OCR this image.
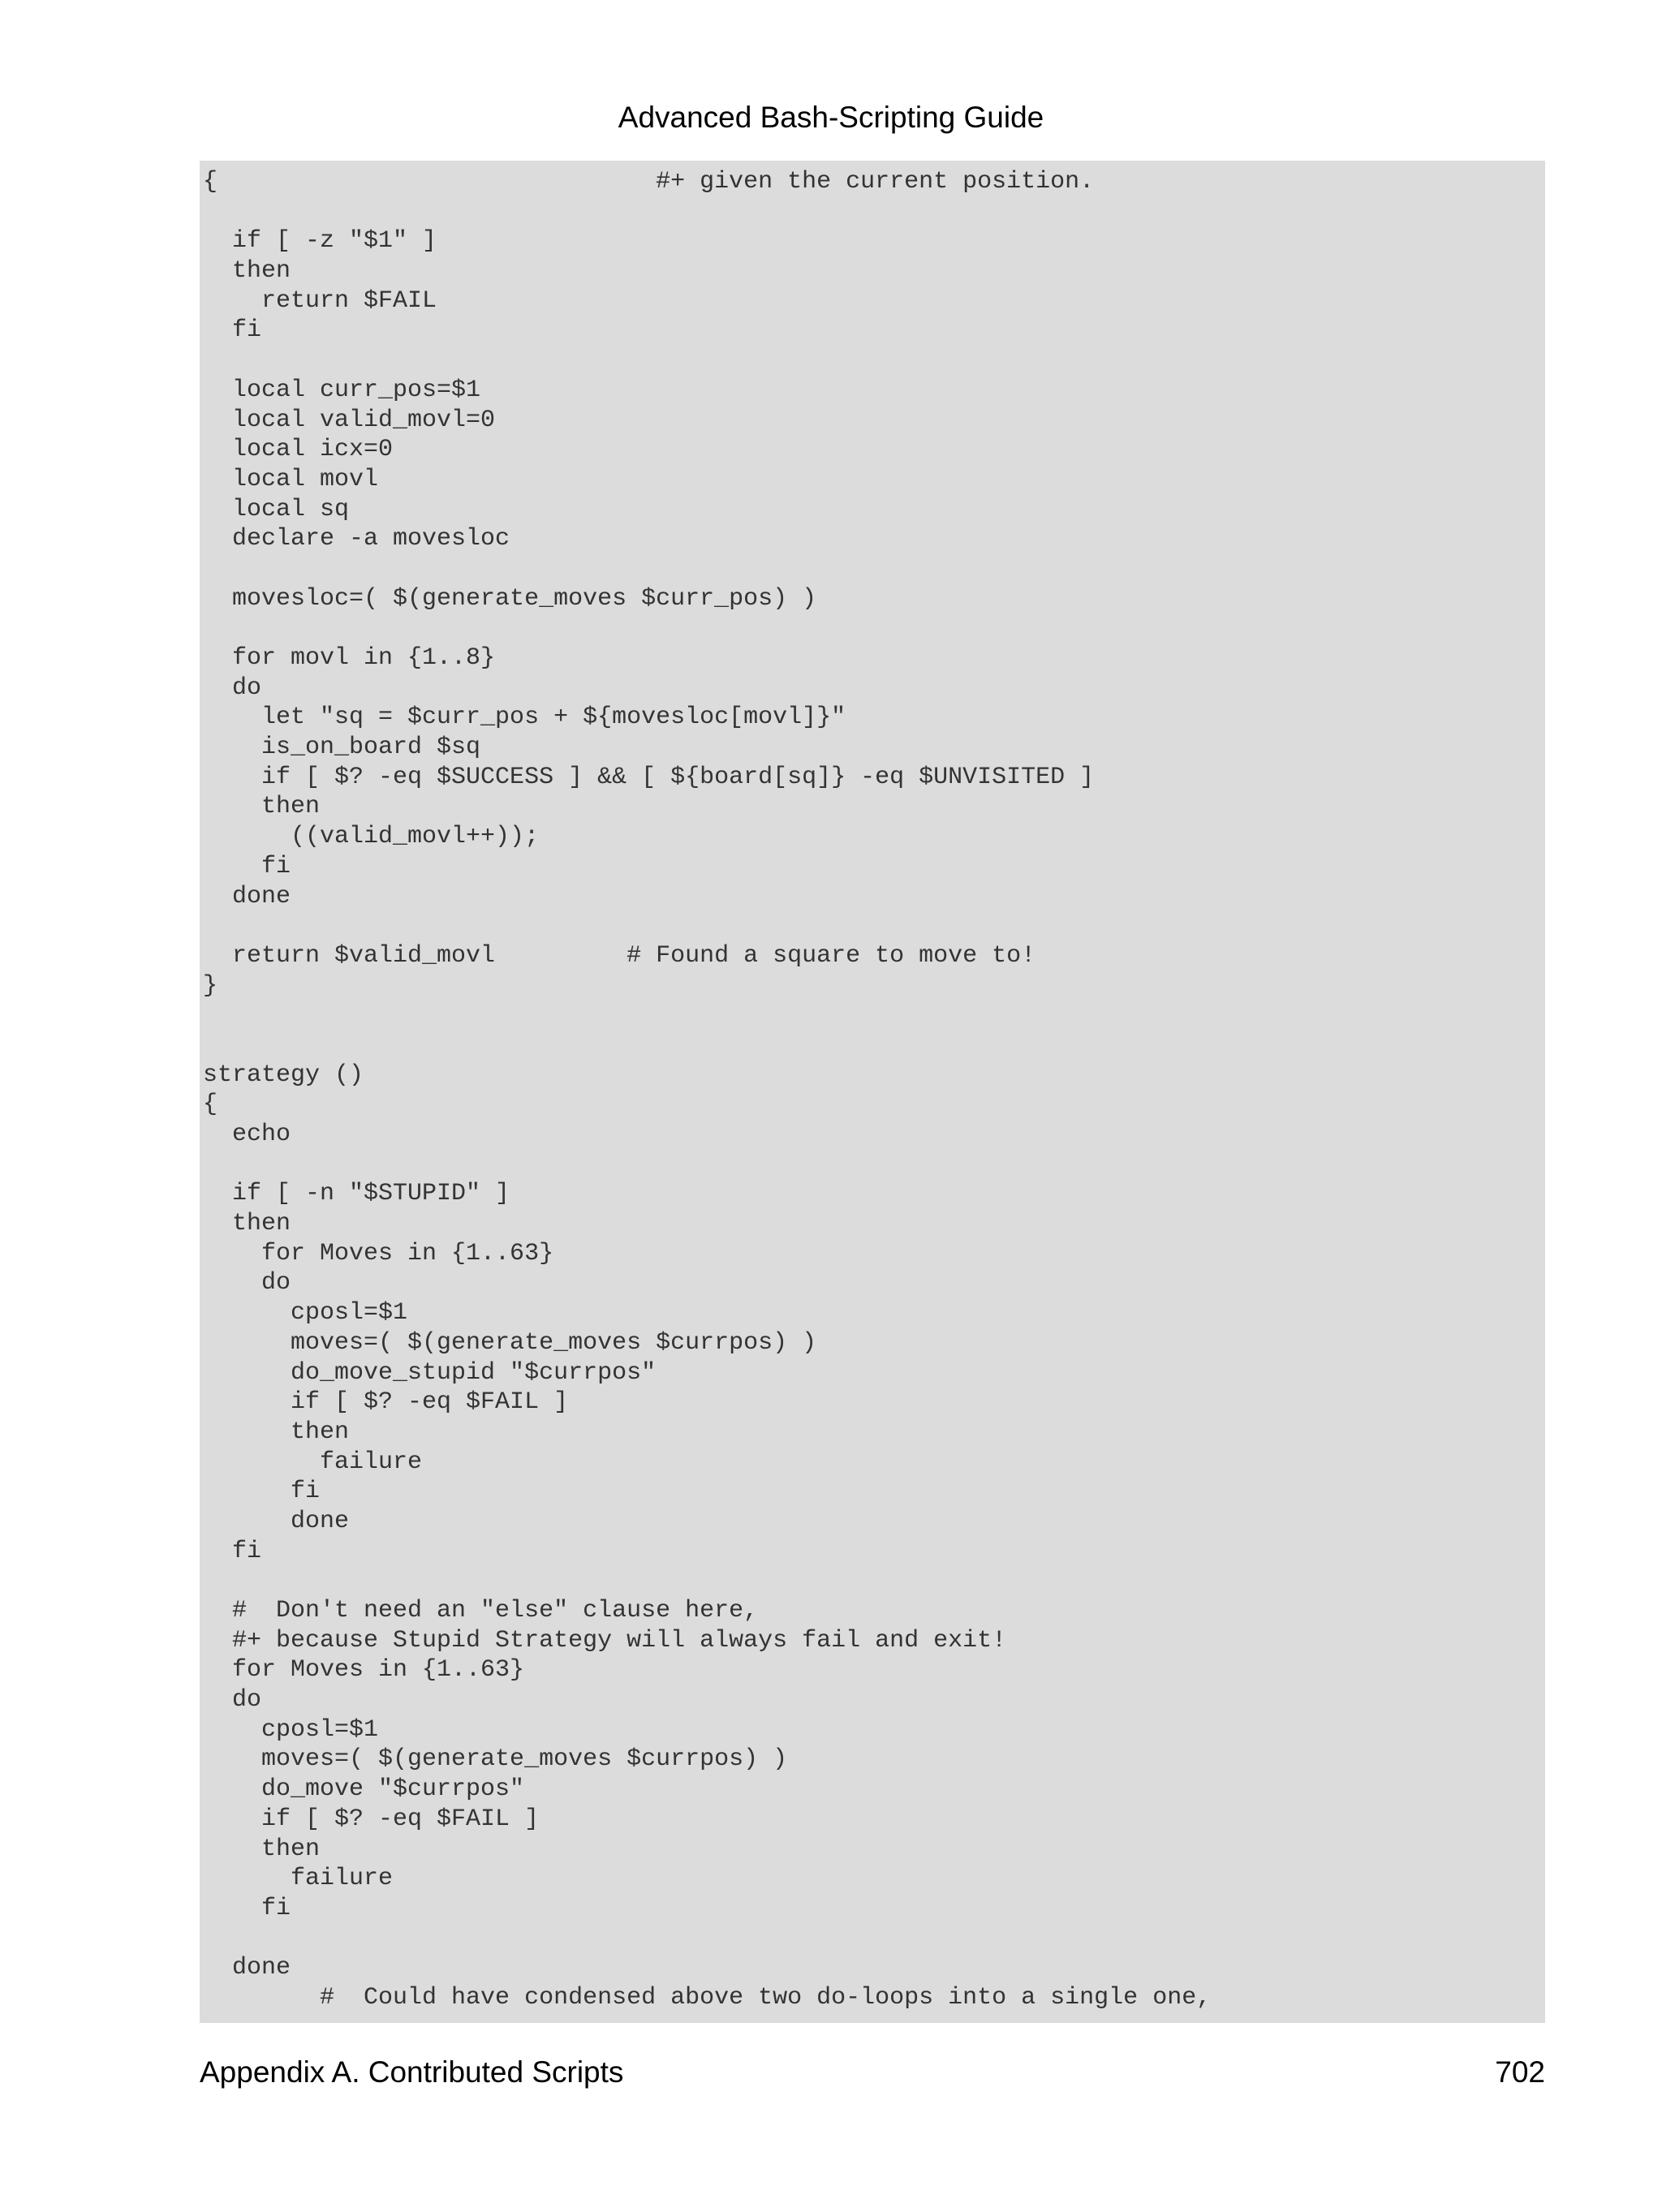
Advanced Bash-Scripting Guide
{                              #+ given the current position.
if [ -z "$1" ]
then
return $FAIL
fi
local curr_pos=$1
local valid_movl=0
local icx=0
local movl
local sq
declare -a movesloc
movesloc=( $(generate_moves $curr_pos) )
for movl in {1..8}
do
let "sq = $curr_pos + ${movesloc[movl]}"
is_on_board $sq
if [ $? -eq $SUCCESS ] && [ ${board[sq]} -eq $UNVISITED ]
then
((valid_movl++));
fi
done
return $valid_movl         # Found a square to move to!
}
strategy ()
{
echo
if [ -n "$STUPID" ]
then
for Moves in {1..63}
do
cposl=$1
moves=( $(generate_moves $currpos) )
do_move_stupid "$currpos"
if [ $? -eq $FAIL ]
then
failure
fi
done
fi
#  Don't need an "else" clause here,
#+ because Stupid Strategy will always fail and exit!
for Moves in {1..63}
do
cposl=$1
moves=( $(generate_moves $currpos) )
do_move "$currpos"
if [ $? -eq $FAIL ]
then
failure
fi
done
#  Could have condensed above two do-loops into a single one,
Appendix A. Contributed Scripts	702
